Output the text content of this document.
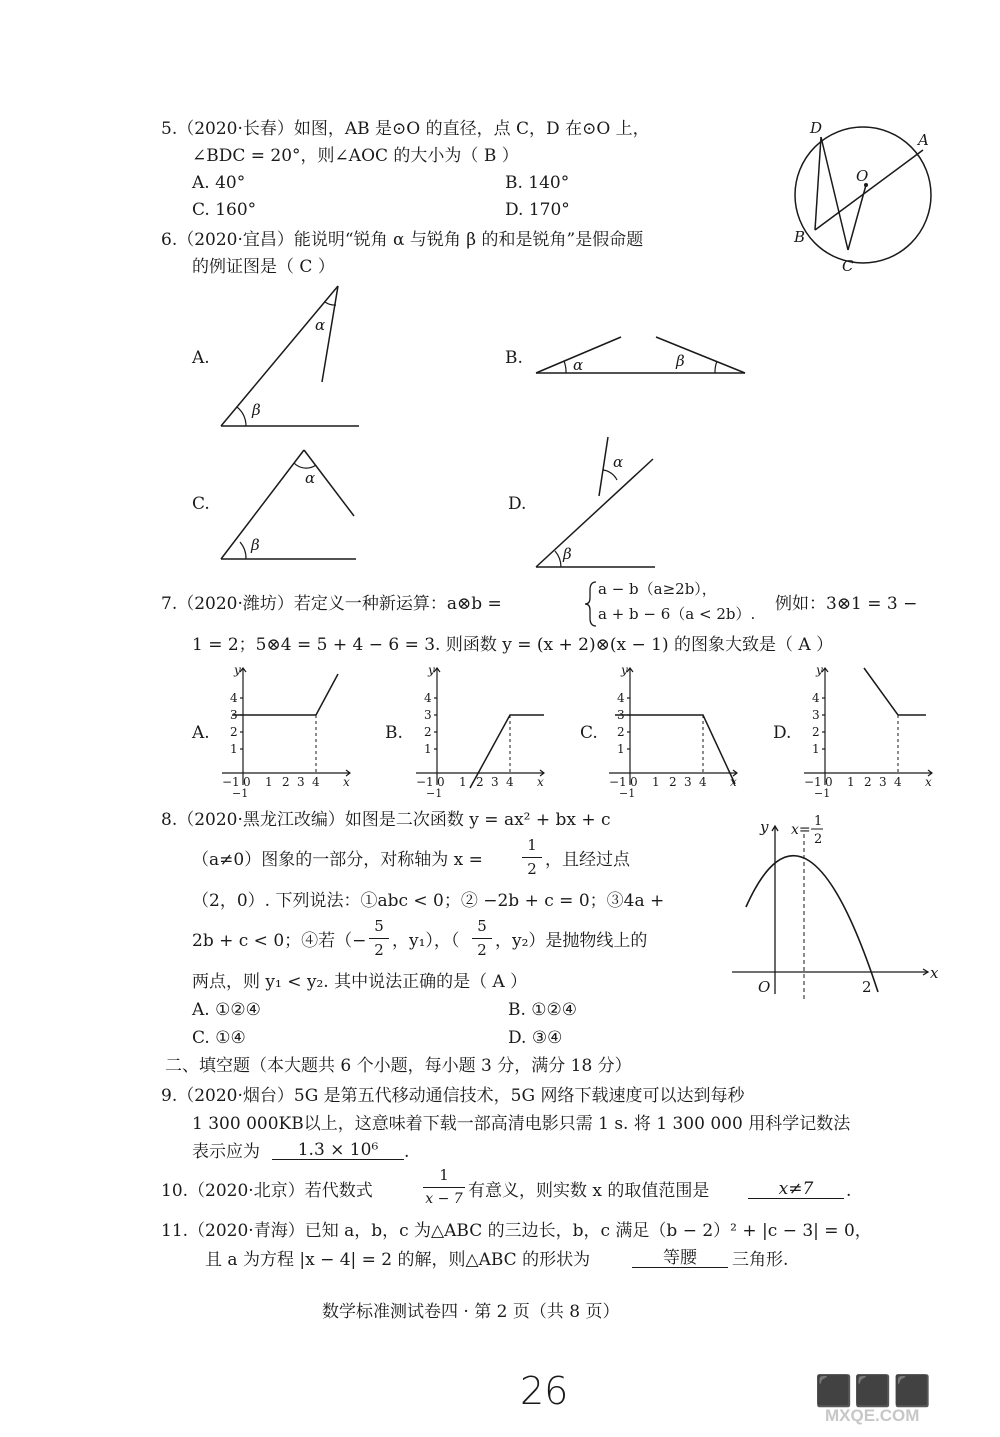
5.（2020·长春）如图，AB 是⊙O 的直径，点 C，D 在⊙O 上，
∠BDC = 20°，则∠AOC 的大小为（ B ）
A. 40°	B. 140°
C. 160°	D. 170°
D
A
O
B
C
6.（2020·宜昌）能说明“锐角 α 与锐角 β 的和是锐角”是假命题
的例证图是（ C ）
A.
β
α
B.	α	β
C.
β
α
D.
β
α
7.（2020·潍坊）若定义一种新运算：a⊗b =
a − b（a≥2b），
a + b − 6（a < 2b）. 例如：3⊗1 = 3 −
1 = 2；5⊗4 = 5 + 4 − 6 = 3. 则函数 y = (x + 2)⊗(x − 1) 的图象大致是（ A ）
A.
y
x
4
3
2
1
−1 0 1 2 3 4
−1
B.
y
x
4
3
2
1
−1 0 1 2 3 4
−1
C.
y
x
4
3
2
1
−1 0 1 2 3 4
−1
D.
y
x
4
3
2
1
−1 0 1 2 3 4
−1
8.（2020·黑龙江改编）如图是二次函数 y = ax² + bx + c
（a≠0）图象的一部分，对称轴为 x =
1
2 ，且经过点
（2，0）. 下列说法：①abc < 0；② −2b + c = 0；③4a +
2b + c < 0；④若（−
5
2 ，y₁），（
5
2 ，y₂）是抛物线上的
两点，则 y₁ < y₂. 其中说法正确的是（ A ）
A. ①②④	B. ①②④
C. ①④	D. ③④
y
x
O	2
x=
1
2
二、填空题（本大题共 6 个小题，每小题 3 分，满分 18 分）
9.（2020·烟台）5G 是第五代移动通信技术，5G 网络下载速度可以达到每秒
1 300 000KB以上，这意味着下载一部高清电影只需 1 s. 将 1 300 000 用科学记数法
表示应为	1.3 × 10⁶	.
10.（2020·北京）若代数式
1
x − 7 有意义，则实数 x 的取值范围是	x≠7	.
11.（2020·青海）已知 a，b，c 为△ABC 的三边长，b，c 满足（b − 2）² + |c − 3| = 0，
且 a 为方程 |x − 4| = 2 的解，则△ABC 的形状为	等腰	三角形.
数学标准测试卷四 · 第 2 页（共 8 页）
26	⬛⬛⬛
MXQE.COM
